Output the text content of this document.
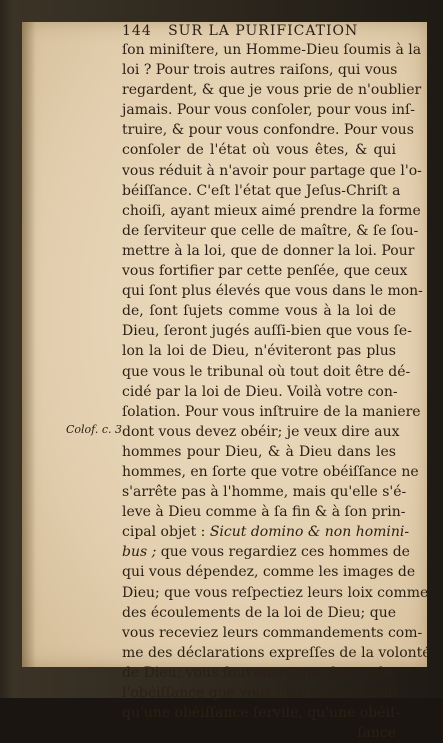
144 SUR LA PURIFICATION
Colof. c. 3.
ſon miniſtere, un Homme-Dieu ſoumis à la
loi ? Pour trois autres raiſons, qui vous
regardent, & que je vous prie de n'oublier
jamais. Pour vous conſoler, pour vous inſ-
truire, & pour vous confondre. Pour vous
conſoler de l'état où vous êtes, & qui
vous réduit à n'avoir pour partage que l'o-
béiſſance. C'eſt l'état que Jeſus-Chriſt a
choiſi, ayant mieux aimé prendre la forme
de ſerviteur que celle de maître, & ſe ſou-
mettre à la loi, que de donner la loi. Pour
vous fortifier par cette penſée, que ceux
qui ſont plus élevés que vous dans le mon-
de, ſont ſujets comme vous à la loi de
Dieu, ſeront jugés auſſi-bien que vous ſe-
lon la loi de Dieu, n'éviteront pas plus
que vous le tribunal où tout doit être dé-
cidé par la loi de Dieu. Voilà votre con-
ſolation. Pour vous inſtruire de la maniere
dont vous devez obéir; je veux dire aux
hommes pour Dieu, & à Dieu dans les
hommes, en ſorte que votre obéiſſance ne
s'arrête pas à l'homme, mais qu'elle s'é-
leve à Dieu comme à ſa fin & à ſon prin-
cipal objet : Sicut domino & non homini-
bus ; que vous regardiez ces hommes de
qui vous dépendez, comme les images de
Dieu; que vous reſpectiez leurs loix comme
des écoulements de la loi de Dieu; que
vous receviez leurs commandements com-
me des déclarations expreſſes de la volonté
de Dieu; vous ſouvenant que ſans cela,
l'obéiſſance que vous leur rendez, n'eſt
qu'une obéiſſance ſervile, qu'une obéiſ-
ſance
